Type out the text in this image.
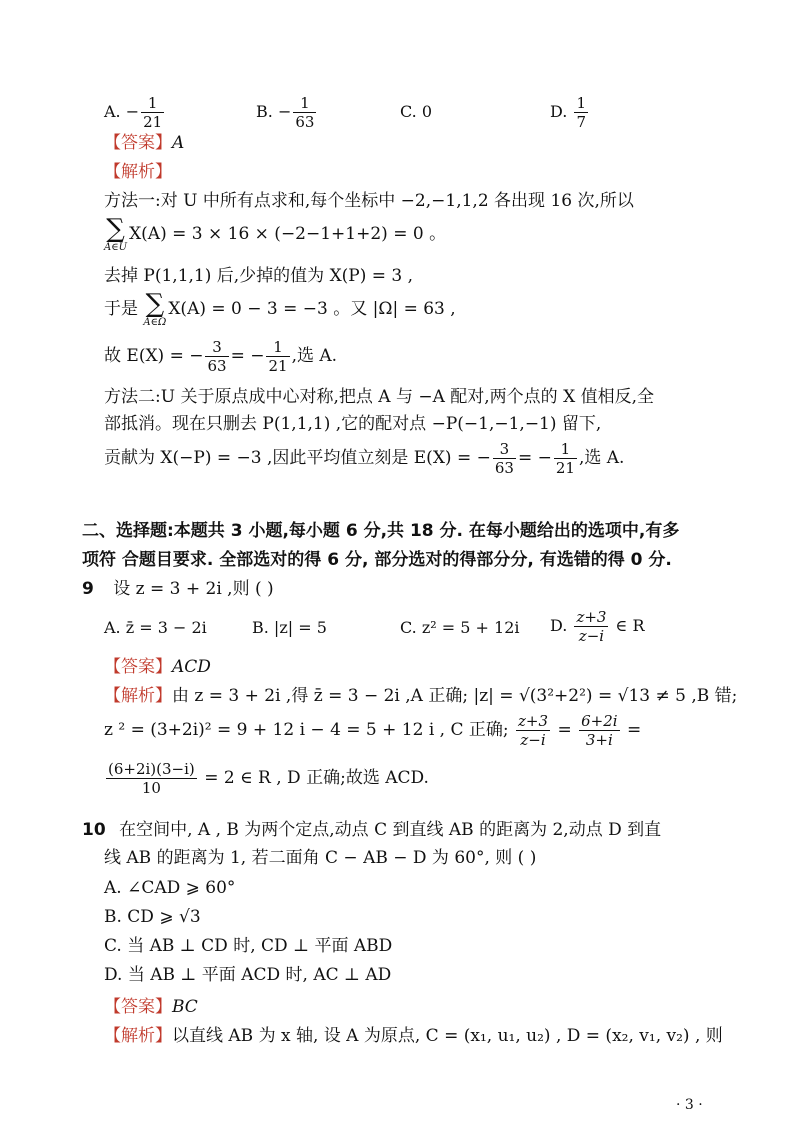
A. − $\frac{1}{21}$	B. − $\frac{1}{63}$	C. 0	D. $\frac{1}{7}$
【答案】A
【解析】
方法一:对 U 中所有点求和,每个坐标中 −2,−1,1,2 各出现 16 次,所以
∑
A∈U
X(A) = 3 × 16 × (−2−1+1+2) = 0 。
去掉 P(1,1,1) 后,少掉的值为 X(P) = 3 ,
于是 ∑
A∈Ω
X(A) = 0 − 3 = −3 。又 |Ω| = 63 ,
故 E(X) = − $\frac{3}{63}$ = − $\frac{1}{21}$ ,选 A.
方法二:U 关于原点成中心对称,把点 A 与 −A 配对,两个点的 X 值相反,全
部抵消。现在只删去 P(1,1,1) ,它的配对点 −P(−1,−1,−1) 留下,
贡献为 X(−P) = −3 ,因此平均值立刻是 E(X) = − $\frac{3}{63}$ = − $\frac{1}{21}$ ,选 A.
二、选择题:本题共 3 小题,每小题 6 分,共 18 分. 在每小题给出的选项中,有多
项符 合题目要求. 全部选对的得 6 分, 部分选对的得部分分, 有选错的得 0 分.
9 设 z = 3 + 2i ,则 ( )
A. z̄ = 3 − 2i	B. |z| = 5	C. z² = 5 + 12i D. $\frac{z+3}{z-i}$ ∈ R
【答案】ACD
【解析】由 z = 3 + 2i ,得 z̄ = 3 − 2i ,A 正确; |z| = √(3²+2²) = √13 ≠ 5 ,B 错;
z ² = (3+2i)² = 9 + 12 i − 4 = 5 + 12 i , C 正确; $\frac{z+3}{z-i} = \frac{6+2i}{3+i}$ =
$\frac{(6+2i)(3-i)}{10} = 2$ ∈ R , D 正确;故选 ACD.
10 在空间中, A , B 为两个定点,动点 C 到直线 AB 的距离为 2,动点 D 到直
线 AB 的距离为 1, 若二面角 C − AB − D 为 60°, 则 ( )
A. ∠CAD ⩾ 60°
B. CD ⩾ √3
C. 当 AB ⊥ CD 时, CD ⊥ 平面 ABD
D. 当 AB ⊥ 平面 ACD 时, AC ⊥ AD
【答案】BC
【解析】以直线 AB 为 x 轴, 设 A 为原点, C = (x₁, u₁, u₂) , D = (x₂, v₁, v₂) , 则
· 3 ·
